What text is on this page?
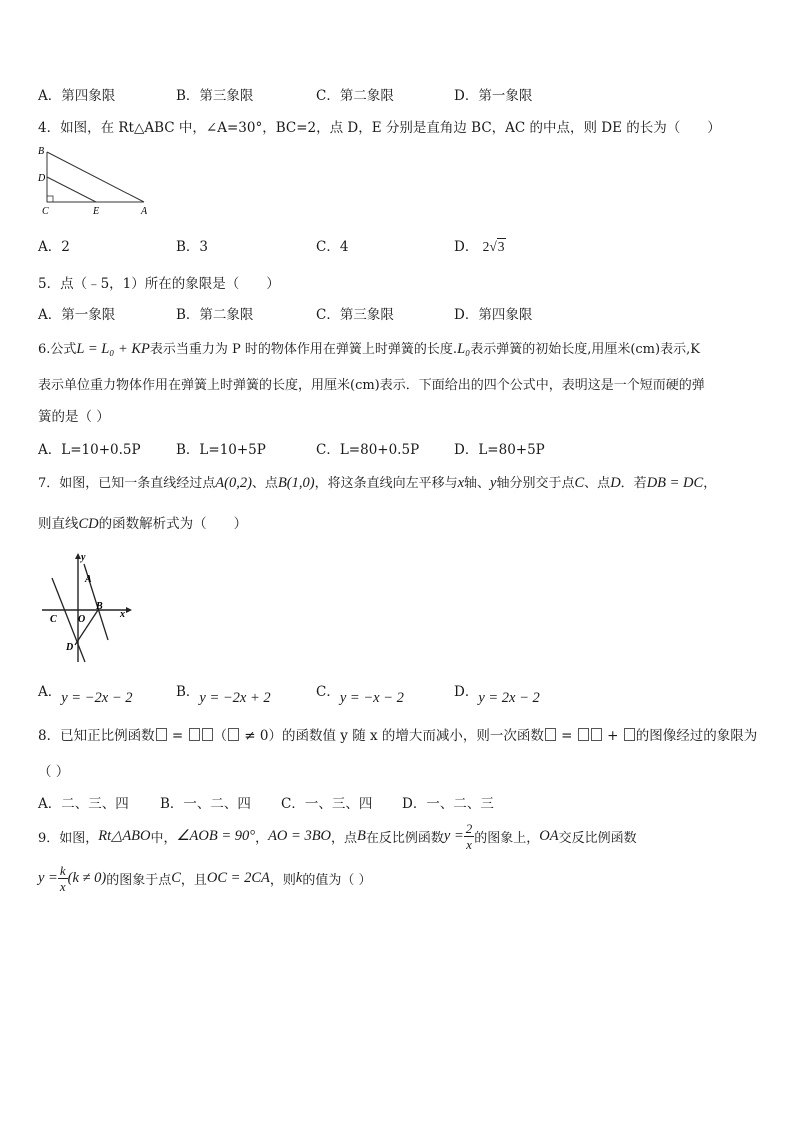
A．第四象限	B．第三象限	C．第二象限	D．第一象限
4．如图，在 Rt△ABC 中，∠A=30°，BC=2，点 D，E 分别是直角边 BC，AC 的中点，则 DE 的长为（　　）
B
D
C	E	A
A．2	B．3	C．4	D． 2√3
5．点（﹣5，1）所在的象限是（　　）
A．第一象限	B．第二象限	C．第三象限	D．第四象限
6.公式L = L₀ + KP表示当重力为 P 时的物体作用在弹簧上时弹簧的长度.L₀表示弹簧的初始长度,用厘米(cm)表示,K
表示单位重力物体作用在弹簧上时弹簧的长度，用厘米(cm)表示．下面给出的四个公式中，表明这是一个短而硬的弹
簧的是（ ）
A．L=10+0.5P	B．L=10+5P	C．L=80+0.5P	D．L=80+5P
7．如图，已知一条直线经过点A(0,2)、点B(1,0)，将这条直线向左平移与x轴、y轴分别交于点C、点D．若DB = DC，
则直线CD的函数解析式为（　　）
y
A
B
x
C O
D
A．y = −2x − 2	B．y = −2x + 2	C．y = −x − 2	D．y = 2x − 2
8．已知正比例函数 = （ ≠ 0）的函数值 y 随 x 的增大而减小，则一次函数 =  + 的图像经过的象限为
（ ）
A．二、三、四 B．一、二、四 C．一、三、四 D．一、二、三
9．如图， Rt△ABO 中， ∠AOB = 90° ， AO = 3BO ，点 B 在反比例函数 $y = \frac{2}{x}$ 的图象上， OA 交反比例函数
$y = \frac{k}{x} (k \ne 0)$ 的图象于点 C ，且 OC = 2CA ，则 k 的值为（ ）
